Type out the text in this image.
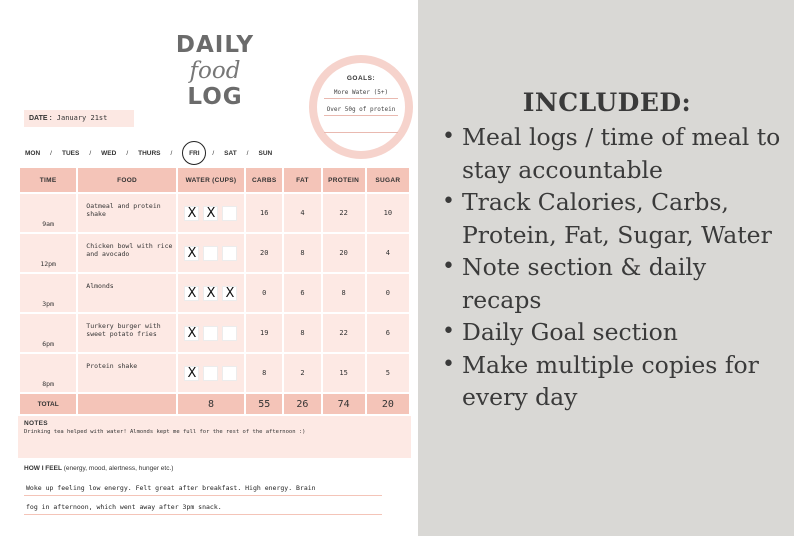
DAILY
food
LOG
GOALS:
More Water (5+)
Over 50g of protein

DATE : January 21st
MON / TUES / WED / THURS /	FRI	/ SAT / SUN
TIME	FOOD	WATER (CUPS)	CARBS	FAT	PROTEIN	SUGAR
9am	Oatmeal and protein shake	X X	16	4	22	10
12pm	Chicken bowl with rice and avocado	X	20	8	20	4
3pm	Almonds	X X X	0	6	8	0
6pm	Turkery burger with sweet potato fries	X	19	8	22	6
8pm	Protein shake	X	8	2	15	5
TOTAL		8	55	26	74	20
NOTES
Drinking tea helped with water! Almonds kept me full for the rest of the afternoon :)
HOW I FEEL (energy, mood, alertness, hunger etc.)
Woke up feeling low energy. Felt great after breakfast. High energy. Brain
fog in afternoon, which went away after 3pm snack.
INCLUDED:
• Meal logs / time of meal to stay accountable
• Track Calories, Carbs, Protein, Fat, Sugar, Water
• Note section & daily recaps
• Daily Goal section
• Make multiple copies for every day
